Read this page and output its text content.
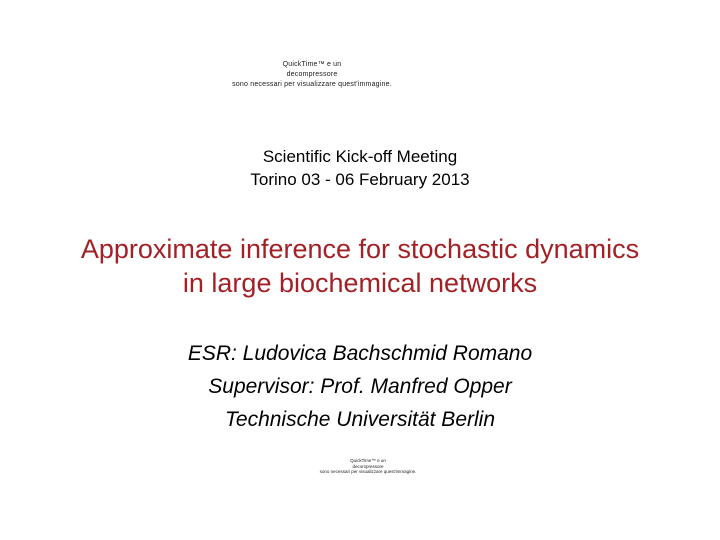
QuickTime™ e un
decompressore
sono necessari per visualizzare quest'immagine.
Scientific Kick-off Meeting
Torino 03 - 06 February 2013
Approximate inference for stochastic dynamics
in large biochemical networks

ESR: Ludovica Bachschmid Romano

Supervisor: Prof. Manfred Opper

Technische Universität Berlin

QuickTime™ e un
decompressore
sono necessari per visualizzare quest'immagine.
